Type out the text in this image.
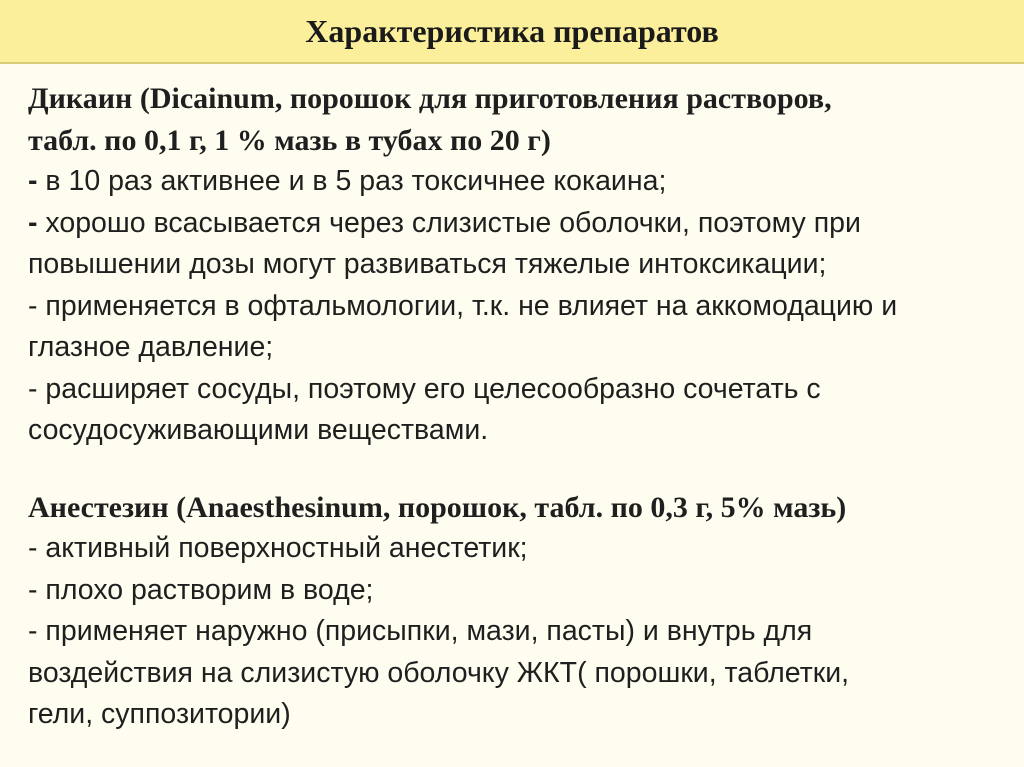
Характеристика препаратов
Дикаин (Dicainum, порошок для приготовления растворов,
табл. по 0,1 г, 1 % мазь в тубах по 20 г)
- в 10 раз активнее и в 5 раз токсичнее кокаина;
- хорошо всасывается через слизистые оболочки, поэтому при
повышении дозы могут развиваться тяжелые интоксикации;
- применяется в офтальмологии, т.к. не влияет на аккомодацию и
глазное давление;
- расширяет сосуды, поэтому его целесообразно сочетать с
сосудосуживающими веществами.
Анестезин (Anaesthesinum, порошок, табл. по 0,3 г, 5% мазь)
- активный поверхностный анестетик;
- плохо растворим в воде;
- применяет наружно (присыпки, мази, пасты) и внутрь для
воздействия на слизистую оболочку ЖКТ( порошки, таблетки,
гели, суппозитории)
